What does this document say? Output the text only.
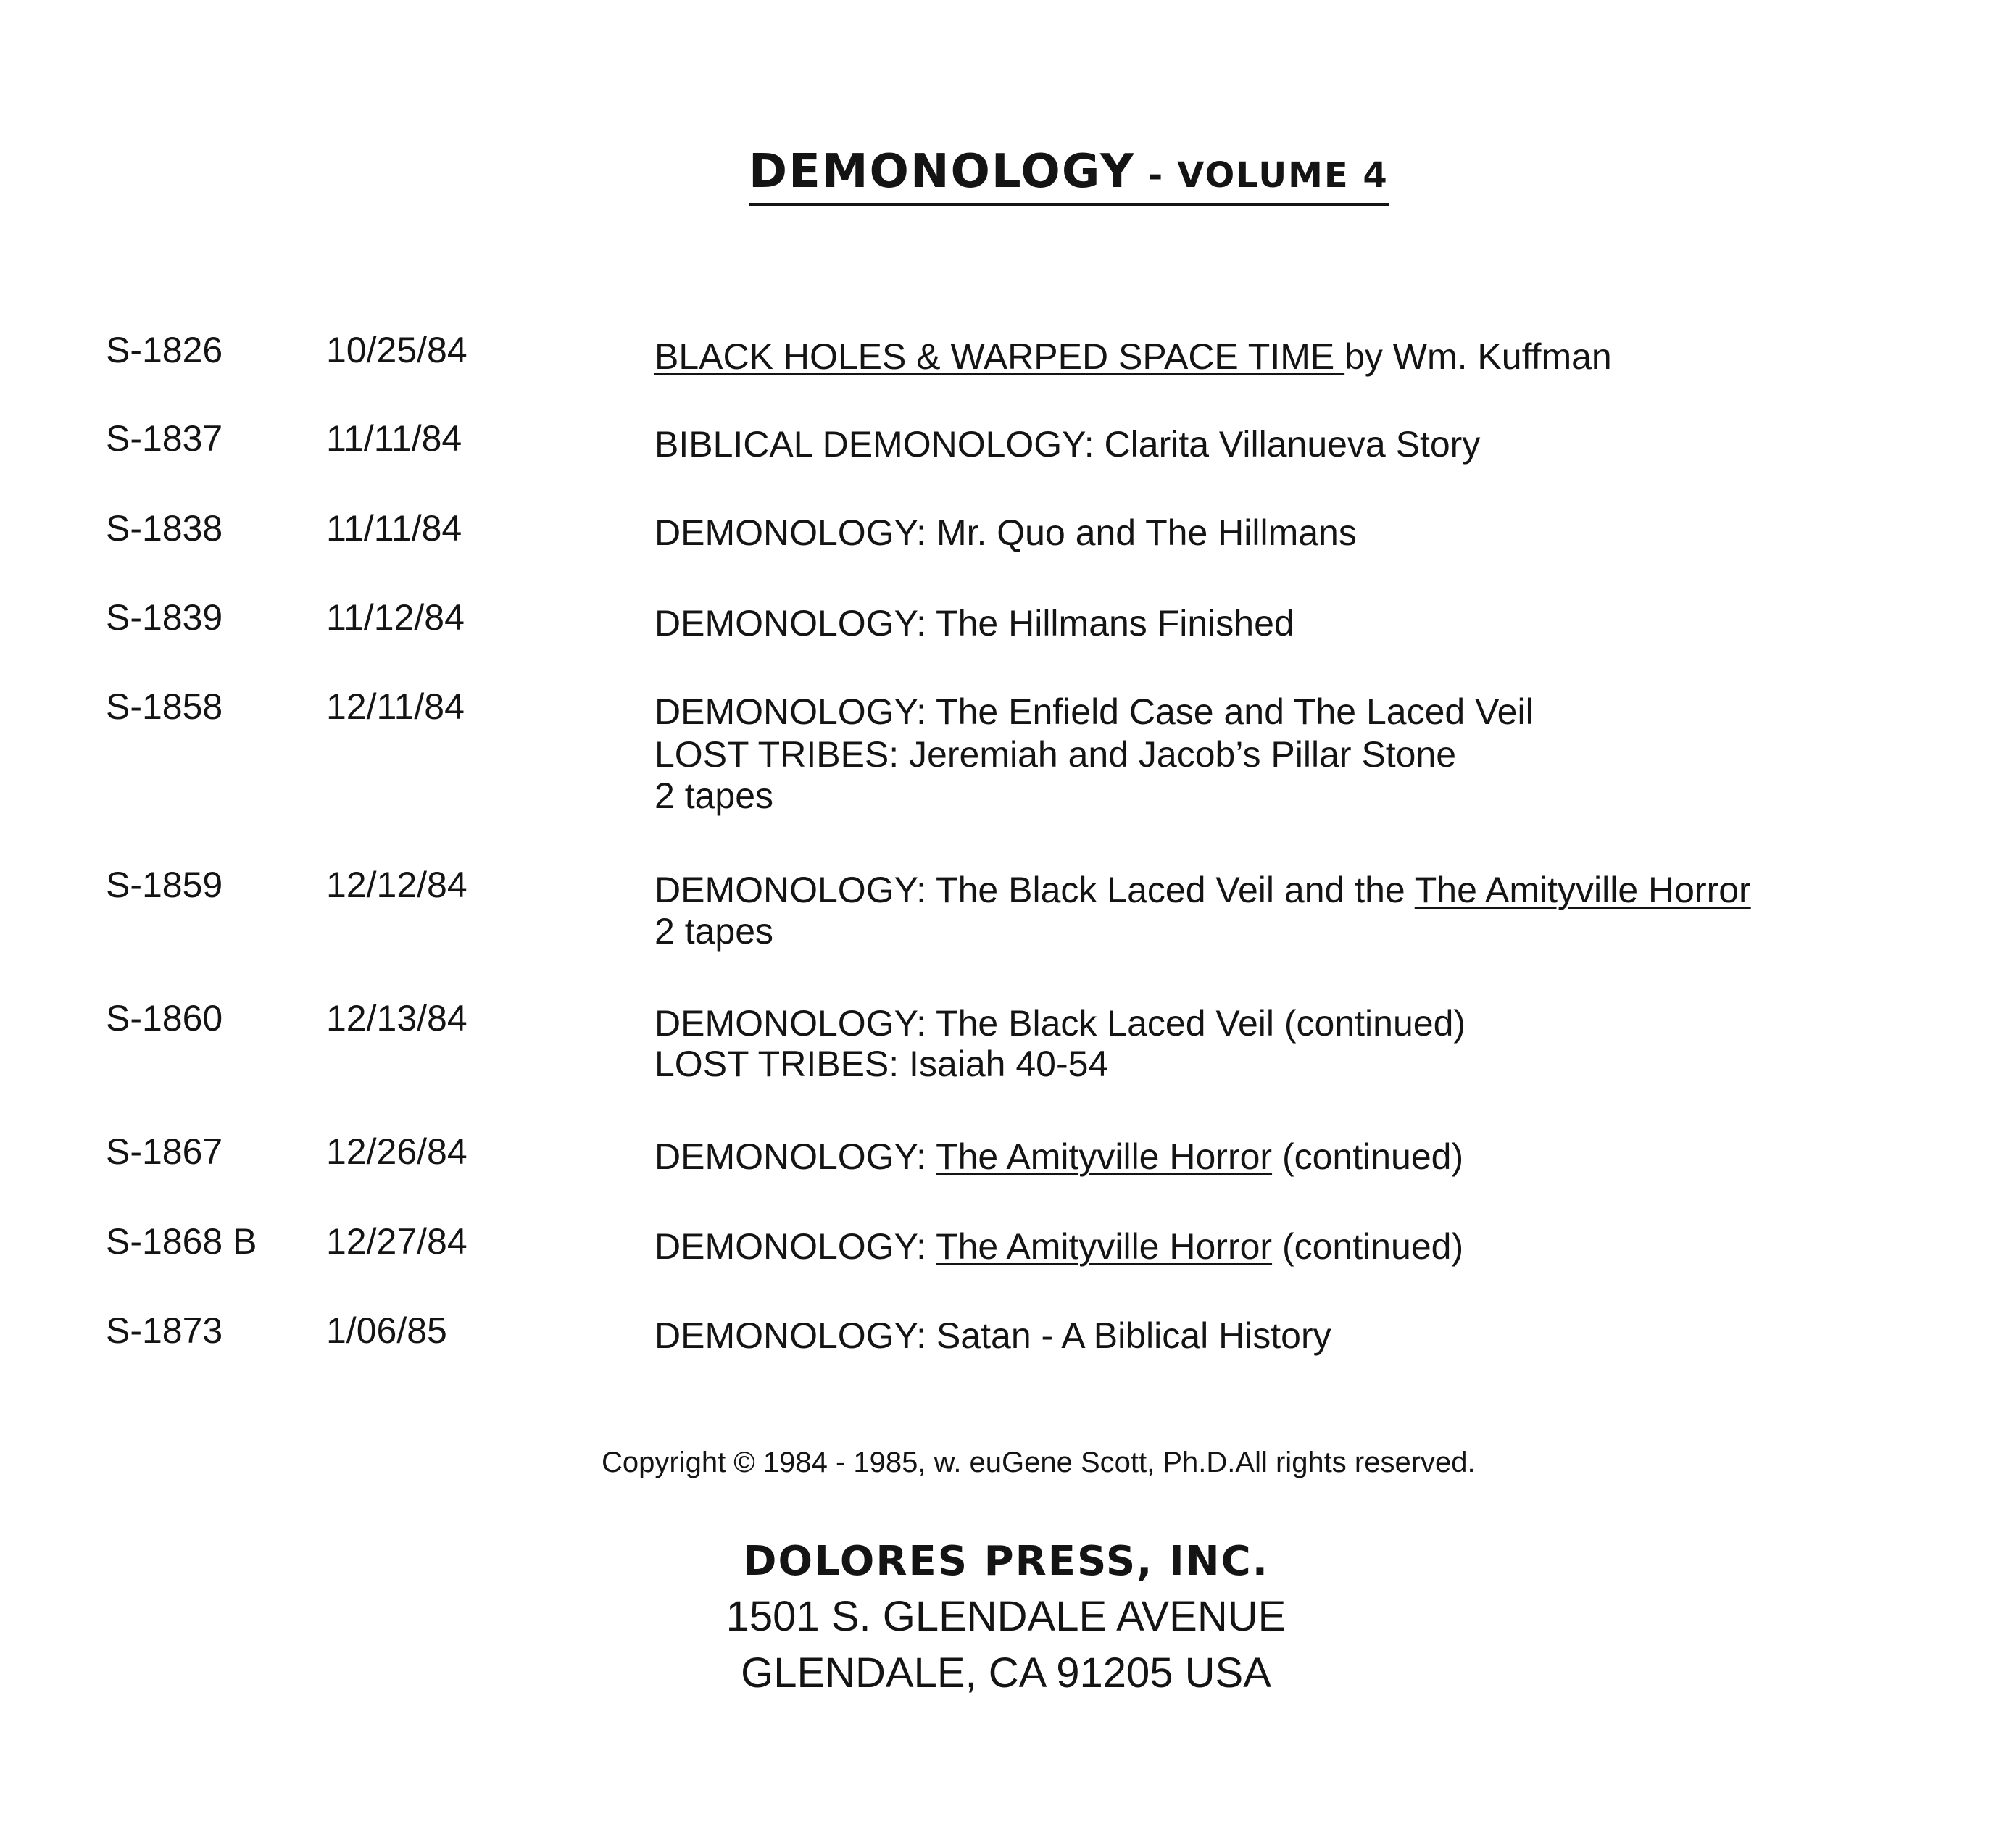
DEMONOLOGY - VOLUME 4
S-1826	10/25/84	BLACK HOLES & WARPED SPACE TIME by Wm. Kuffman
S-1837	11/11/84	BIBLICAL DEMONOLOGY: Clarita Villanueva Story
S-1838	11/11/84	DEMONOLOGY: Mr. Quo and The Hillmans
S-1839	11/12/84	DEMONOLOGY: The Hillmans Finished
S-1858	12/11/84	DEMONOLOGY: The Enfield Case and The Laced Veil
LOST TRIBES: Jeremiah and Jacob’s Pillar Stone
2 tapes
S-1859	12/12/84	DEMONOLOGY: The Black Laced Veil and the The Amityville Horror
2 tapes
S-1860	12/13/84	DEMONOLOGY: The Black Laced Veil (continued)
LOST TRIBES: Isaiah 40-54
S-1867	12/26/84	DEMONOLOGY: The Amityville Horror (continued)
S-1868 B 12/27/84	DEMONOLOGY: The Amityville Horror (continued)
S-1873	1/06/85	DEMONOLOGY: Satan - A Biblical History
Copyright © 1984 - 1985, w. euGene Scott, Ph.D.All rights reserved.
DOLORES PRESS, INC.
1501 S. GLENDALE AVENUE
GLENDALE, CA 91205 USA
